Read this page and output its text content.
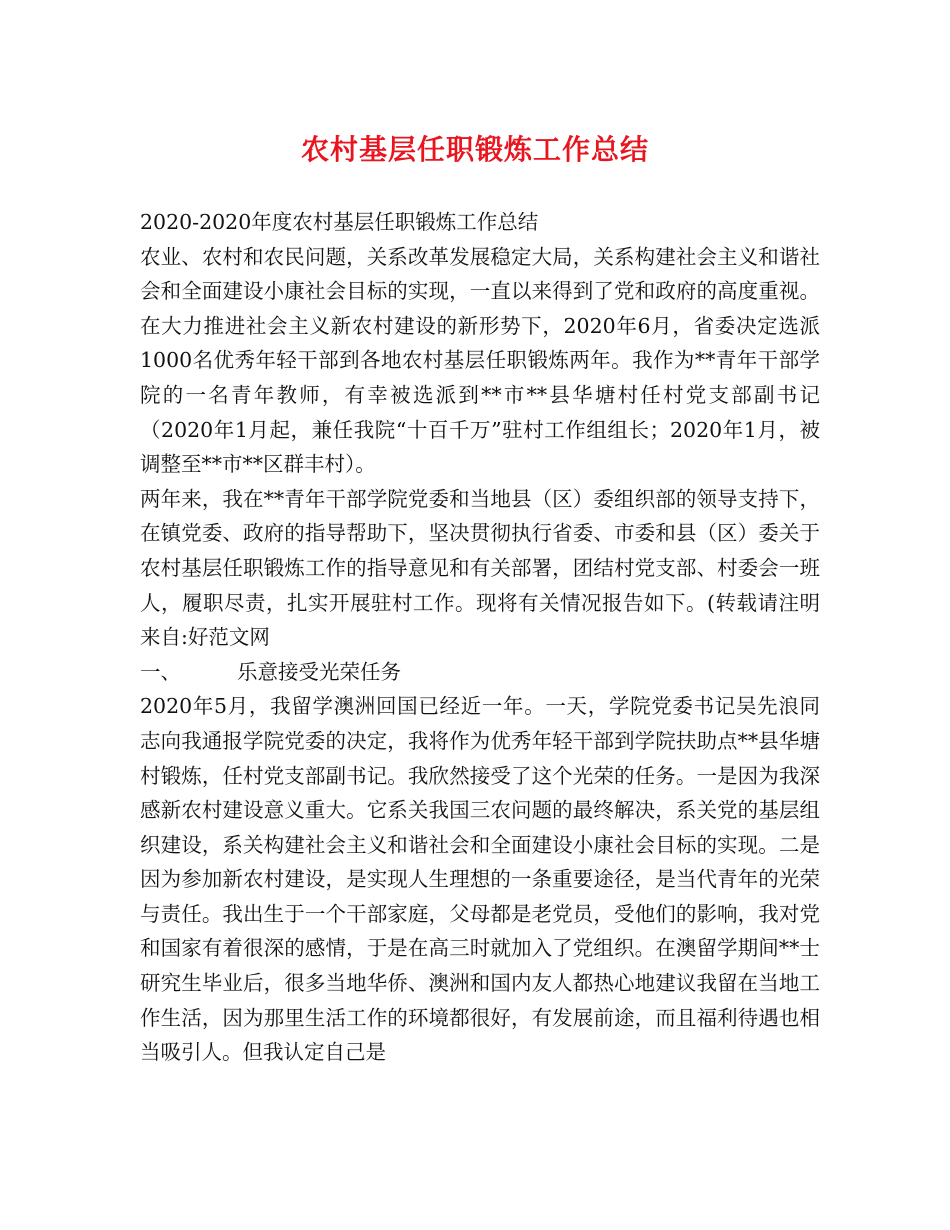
农村基层任职锻炼工作总结

2020-2020年度农村基层任职锻炼工作总结

农业、农村和农民问题，关系改革发展稳定大局，关系构建社会主义和谐社会和全面建设小康社会目标的实现，一直以来得到了党和政府的高度重视。在大力推进社会主义新农村建设的新形势下，2020年6月，省委决定选派1000名优秀年轻干部到各地农村基层任职锻炼两年。我作为**青年干部学院的一名青年教师，有幸被选派到**市**县华塘村任村党支部副书记（2020年1月起，兼任我院“十百千万”驻村工作组组长；2020年1月，被调整至**市**区群丰村）。

两年来，我在**青年干部学院党委和当地县（区）委组织部的领导支持下，在镇党委、政府的指导帮助下，坚决贯彻执行省委、市委和县（区）委关于农村基层任职锻炼工作的指导意见和有关部署，团结村党支部、村委会一班人，履职尽责，扎实开展驻村工作。现将有关情况报告如下。(转载请注明来自:好范文网

一、	乐意接受光荣任务

2020年5月，我留学澳洲回国已经近一年。一天，学院党委书记吴先浪同志向我通报学院党委的决定，我将作为优秀年轻干部到学院扶助点**县华塘村锻炼，任村党支部副书记。我欣然接受了这个光荣的任务。一是因为我深感新农村建设意义重大。它系关我国三农问题的最终解决，系关党的基层组织建设，系关构建社会主义和谐社会和全面建设小康社会目标的实现。二是因为参加新农村建设，是实现人生理想的一条重要途径，是当代青年的光荣与责任。我出生于一个干部家庭，父母都是老党员，受他们的影响，我对党和国家有着很深的感情，于是在高三时就加入了党组织。在澳留学期间**士研究生毕业后，很多当地华侨、澳洲和国内友人都热心地建议我留在当地工作生活，因为那里生活工作的环境都很好，有发展前途，而且福利待遇也相当吸引人。但我认定自己是
